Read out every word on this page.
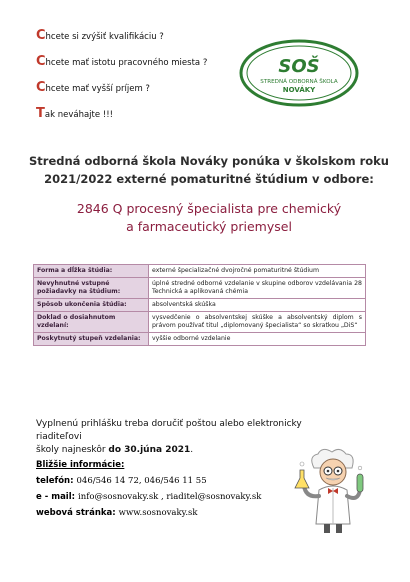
Chcete si zvýšiť kvalifikáciu ?
Chcete mať istotu pracovného miesta ?
Chcete mať vyšší príjem ?
Tak neváhajte !!!
SOŠ
STREDNÁ ODBORNÁ ŠKOLA
NOVÁKY
Stredná odborná škola Nováky ponúka v školskom roku
2021/2022 externé pomaturitné štúdium v odbore:
2846 Q procesný špecialista pre chemický
a farmaceutický priemysel
Forma a dĺžka štúdia:	externé špecializačné dvojročné pomaturitné štúdium
Nevyhnutné vstupné požiadavky na štúdium:	úplné stredné odborné vzdelanie v skupine odborov vzdelávania 28 Technická a aplikovaná chémia
Spôsob ukončenia štúdia:	absolventská skúška
Doklad o dosiahnutom vzdelaní:	vysvedčenie o absolventskej skúške a absolventský diplom s právom používať titul „diplomovaný špecialista“ so skratkou „DiS“
Poskytnutý stupeň vzdelania:	vyššie odborné vzdelanie
Vyplnenú prihlášku treba doručiť poštou alebo elektronicky riaditeľovi
školy najneskôr do 30.júna 2021.
Bližšie informácie:
telefón: 046/546 14 72, 046/546 11 55
e - mail: info@sosnovaky.sk , riaditel@sosnovaky.sk
webová stránka: www.sosnovaky.sk
